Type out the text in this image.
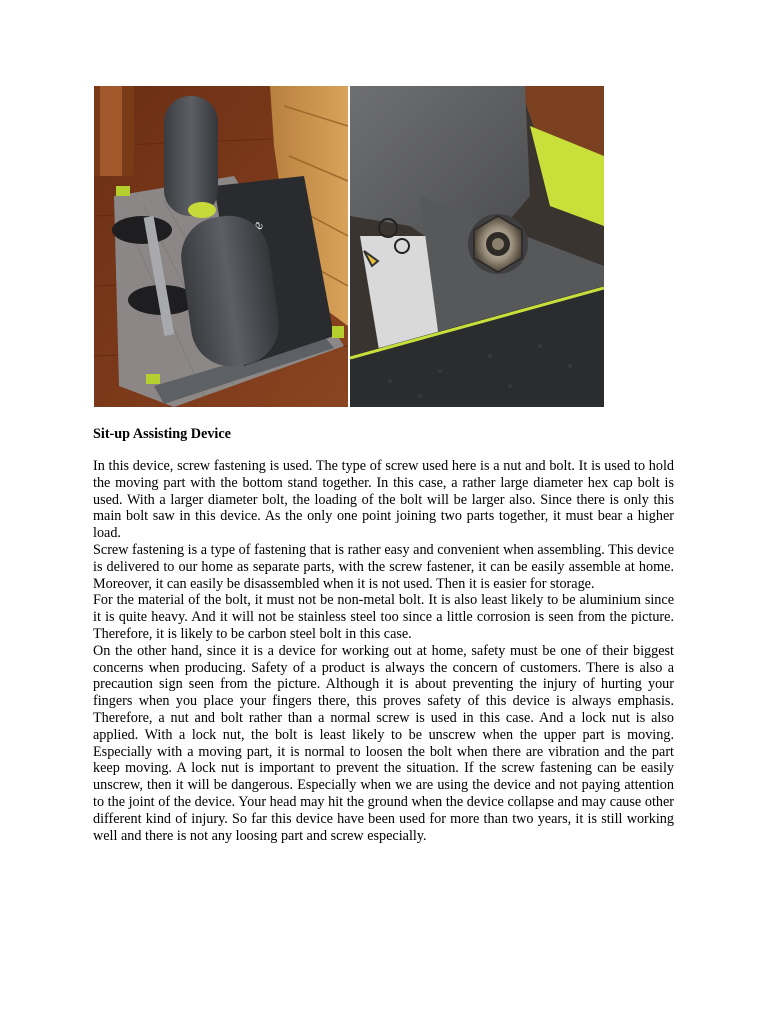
Sit-up Assisting Device

In this device, screw fastening is used. The type of screw used here is a nut and bolt. It is used to hold the moving part with the bottom stand together. In this case, a rather large diameter hex cap bolt is used. With a larger diameter bolt, the loading of the bolt will be larger also. Since there is only this main bolt saw in this device. As the only one point joining two parts together, it must bear a higher load.

Screw fastening is a type of fastening that is rather easy and convenient when assembling. This device is delivered to our home as separate parts, with the screw fastener, it can be easily assemble at home. Moreover, it can easily be disassembled when it is not used. Then it is easier for storage.

For the material of the bolt, it must not be non-metal bolt. It is also least likely to be aluminium since it is quite heavy. And it will not be stainless steel too since a little corrosion is seen from the picture. Therefore, it is likely to be carbon steel bolt in this case.

On the other hand, since it is a device for working out at home, safety must be one of their biggest concerns when producing. Safety of a product is always the concern of customers. There is also a precaution sign seen from the picture. Although it is about preventing the injury of hurting your fingers when you place your fingers there, this proves safety of this device is always emphasis. Therefore, a nut and bolt rather than a normal screw is used in this case. And a lock nut is also applied. With a lock nut, the bolt is least likely to be unscrew when the upper part is moving. Especially with a moving part, it is normal to loosen the bolt when there are vibration and the part keep moving. A lock nut is important to prevent the situation. If the screw fastening can be easily unscrew, then it will be dangerous. Especially when we are using the device and not paying attention to the joint of the device. Your head may hit the ground when the device collapse and may cause other different kind of injury. So far this device have been used for more than two years, it is still working well and there is not any loosing part and screw especially.
